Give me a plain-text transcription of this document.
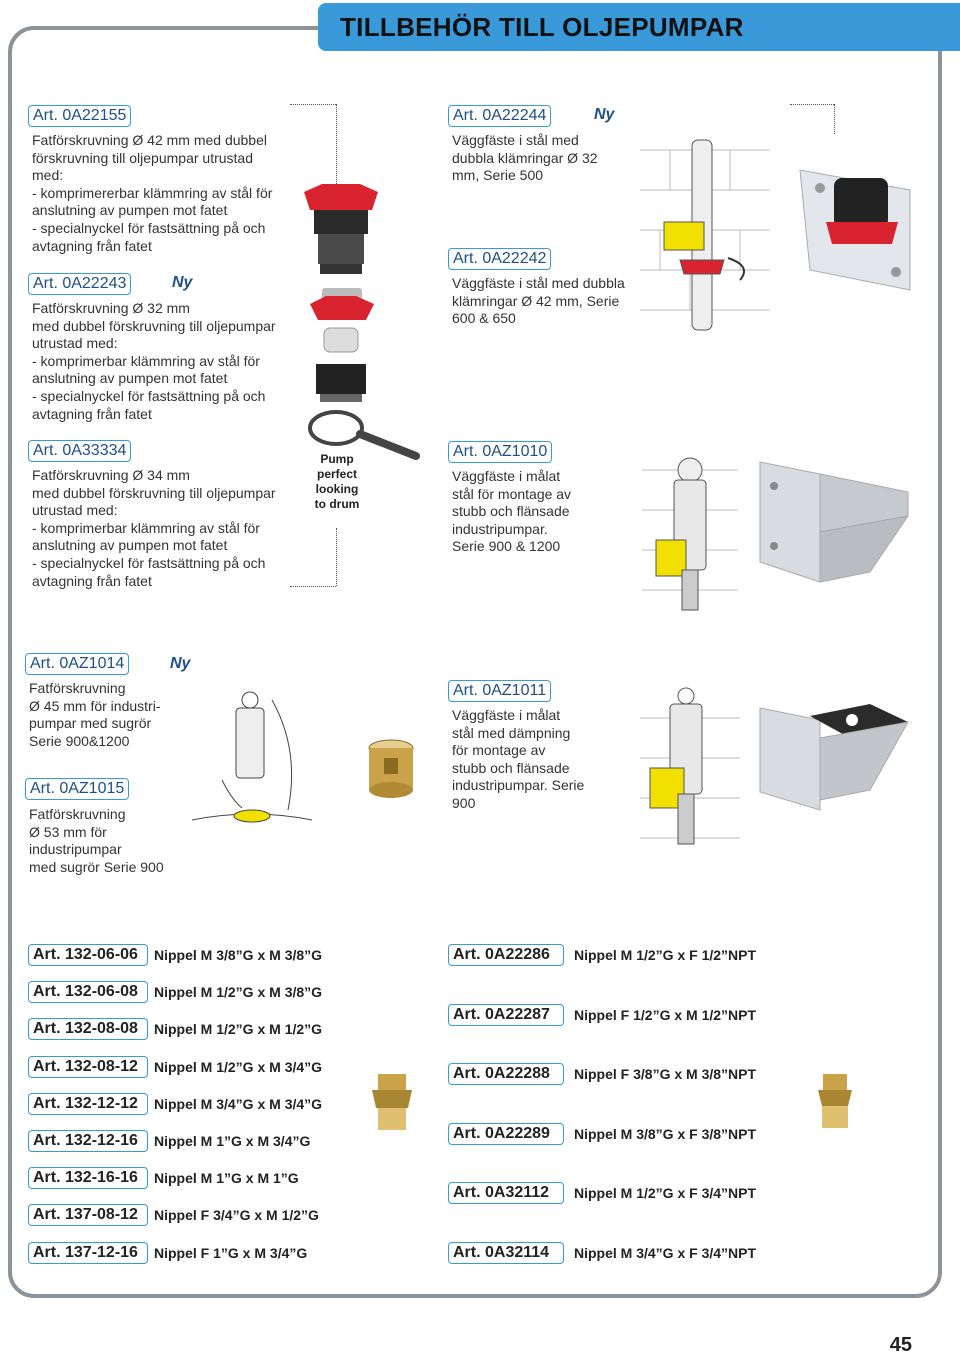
TILLBEHÖR TILL OLJEPUMPAR
Art. 0A22155
Fatförskruvning Ø 42 mm med dubbel
förskruvning till oljepumpar utrustad
med:
- komprimererbar klämmring av stål för
anslutning av pumpen mot fatet
- specialnyckel för fastsättning på och
avtagning från fatet
Art. 0A22243	Ny
Fatförskruvning Ø 32 mm
med dubbel förskruvning till oljepumpar
utrustad med:
- komprimerbar klämmring av stål för
anslutning av pumpen mot fatet
- specialnyckel för fastsättning på och
avtagning från fatet
Art. 0A33334
Fatförskruvning Ø 34 mm
med dubbel förskruvning till oljepumpar
utrustad med:
- komprimerbar klämmring av stål för
anslutning av pumpen mot fatet
- specialnyckel för fastsättning på och
avtagning från fatet
Pump
perfect
looking
to drum
Art. 0A22244	Ny
Väggfäste i stål med
dubbla klämringar Ø 32
mm, Serie 500
Art. 0A22242
Väggfäste i stål med dubbla
klämringar Ø 42 mm, Serie
600 & 650
Art. 0AZ1010
Väggfäste i målat
stål för montage av
stubb och flänsade
industripumpar.
Serie 900 & 1200
Art. 0AZ1014	Ny
Fatförskruvning
Ø 45 mm för industri-
pumpar med sugrör
Serie 900&1200
Art. 0AZ1015
Fatförskruvning
Ø 53 mm för
industripumpar
med sugrör Serie 900
Art. 0AZ1011
Väggfäste i målat
stål med dämpning
för montage av
stubb och flänsade
industripumpar. Serie
900
Art. 132-06-06	Nippel M 3/8”G x M 3/8”G
Art. 132-06-08	Nippel M 1/2”G x M 3/8”G
Art. 132-08-08	Nippel M 1/2”G x M 1/2”G
Art. 132-08-12	Nippel M 1/2”G x M 3/4”G
Art. 132-12-12	Nippel M 3/4”G x M 3/4”G
Art. 132-12-16	Nippel M 1”G x M 3/4”G
Art. 132-16-16	Nippel M 1”G x M 1”G
Art. 137-08-12	Nippel F 3/4”G x M 1/2”G
Art. 137-12-16	Nippel F 1”G x M 3/4”G
Art. 0A22286	Nippel M 1/2”G x F 1/2”NPT
Art. 0A22287	Nippel F 1/2”G x M 1/2”NPT
Art. 0A22288	Nippel F 3/8”G x M 3/8”NPT
Art. 0A22289	Nippel M 3/8”G x F 3/8”NPT
Art. 0A32112	Nippel M 1/2”G x F 3/4”NPT
Art. 0A32114	Nippel M 3/4”G x F 3/4”NPT
45
